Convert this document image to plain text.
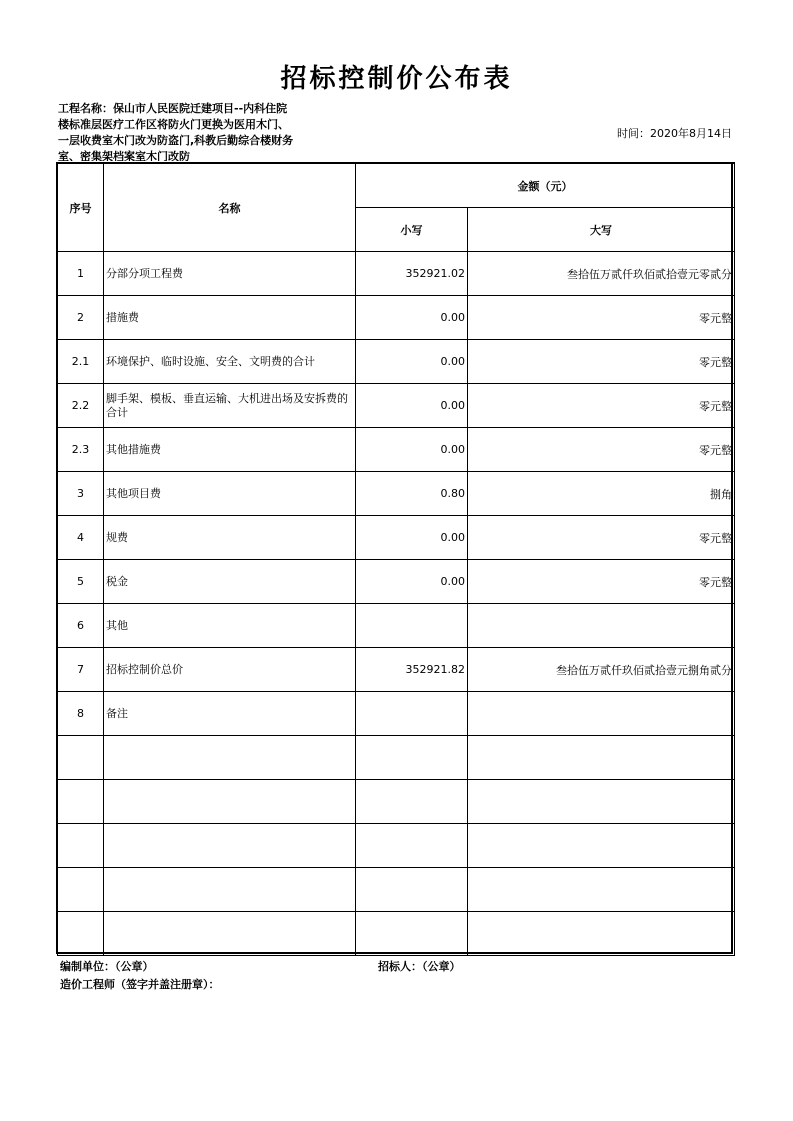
招标控制价公布表
工程名称：保山市人民医院迁建项目--内科住院楼标准层医疗工作区将防火门更换为医用木门、一层收费室木门改为防盗门,科教后勤综合楼财务室、密集架档案室木门改防
时间：2020年8月14日
序号	名称	金额（元）	
		小写	大写
1	分部分项工程费	352921.02	叁拾伍万贰仟玖佰贰拾壹元零贰分
2	措施费	0.00	零元整
2.1	环境保护、临时设施、安全、文明费的合计	0.00	零元整
2.2	脚手架、模板、垂直运输、大机进出场及安拆费的合计	0.00	零元整
2.3	其他措施费	0.00	零元整
3	其他项目费	0.80	捌角
4	规费	0.00	零元整
5	税金	0.00	零元整
6	其他		
7	招标控制价总价	352921.82	叁拾伍万贰仟玖佰贰拾壹元捌角贰分
8	备注		

编制单位：（公章）	招标人：（公章）
造价工程师（签字并盖注册章）：
